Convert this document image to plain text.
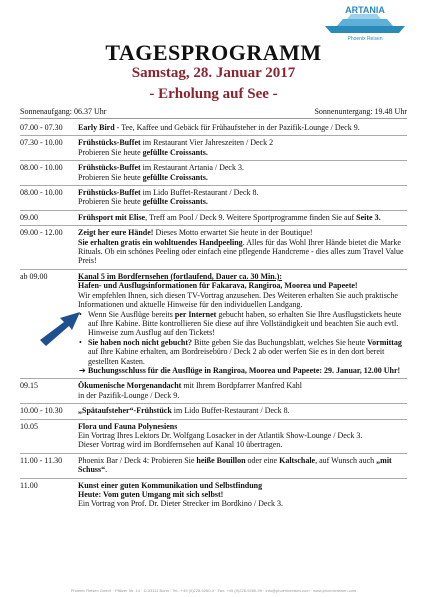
ARTANIA
Phoenix Reisen
TAGESPROGRAMM
Samstag, 28. Januar 2017
- Erholung auf See -
Sonnenaufgang: 06.37 Uhr	Sonnenuntergang: 19.48 Uhr
07.00 - 07.30	Early Bird - Tee, Kaffee und Gebäck für Frühaufsteher in der Pazifik-Lounge / Deck 9.
07.30 - 10.00	Frühstücks-Buffet im Restaurant Vier Jahreszeiten / Deck 2
Probieren Sie heute gefüllte Croissants.
08.00 - 10.00	Frühstücks-Buffet im Restaurant Artania / Deck 3.
Probieren Sie heute gefüllte Croissants.
08.00 - 10.00	Frühstücks-Buffet im Lido Buffet-Restaurant / Deck 8.
Probieren Sie heute gefüllte Croissants.
09.00	Frühsport mit Elise, Treff am Pool / Deck 9. Weitere Sportprogramme finden Sie auf Seite 3.
09.00 - 12.00	Zeigt her eure Hände! Dieses Motto erwartet Sie heute in der Boutique!
Sie erhalten gratis ein wohltuendes Handpeeling. Alles für das Wohl Ihrer Hände bietet die Marke Rituals. Ob ein schönes Peeling oder einfach eine pflegende Handcreme - dies alles zum Travel Value Preis!
ab 09.00	Kanal 5 im Bordfernsehen (fortlaufend, Dauer ca. 30 Min.):
Hafen- und Ausflugsinformationen für Fakarava, Rangiroa, Moorea und Papeete!
Wir empfehlen Ihnen, sich diesen TV-Vortrag anzusehen. Des Weiteren erhalten Sie auch praktische Informationen und aktuelle Hinweise für den individuellen Landgang.
• Wenn Sie Ausflüge bereits per Internet gebucht haben, so erhalten Sie Ihre Ausflugstickets heute auf Ihre Kabine. Bitte kontrollieren Sie diese auf ihre Vollständigkeit und beachten Sie auch evtl. Hinweise zum Ausflug auf den Tickets!
• Sie haben noch nicht gebucht? Bitte geben Sie das Buchungsblatt, welches Sie heute Vormittag auf Ihre Kabine erhalten, am Bordreisebüro / Deck 2 ab oder werfen Sie es in den dort bereit gestellten Kasten.
➔ Buchungsschluss für die Ausflüge in Rangiroa, Moorea und Papeete: 29. Januar, 12.00 Uhr!
09.15	Ökumenische Morgenandacht mit Ihrem Bordpfarrer Manfred Kahl
in der Pazifik-Lounge / Deck 9.
10.00 - 10.30	„Spätaufsteher“-Frühstück im Lido Buffet-Restaurant / Deck 8.
10.05	Flora und Fauna Polynesiens
Ein Vortrag Ihres Lektors Dr. Wolfgang Losacker in der Atlantik Show-Lounge / Deck 3.
Dieser Vortrag wird im Bordfernsehen auf Kanal 10 übertragen.
11.00 - 11.30	Phoenix Bar / Deck 4: Probieren Sie heiße Bouillon oder eine Kaltschale, auf Wunsch auch „mit Schuss“.
11.00	Kunst einer guten Kommunikation und Selbstfindung
Heute: Vom guten Umgang mit sich selbst!
Ein Vortrag von Prof. Dr. Dieter Strecker im Bordkino / Deck 3.
Phoenix Reisen GmbH · Pfälzer Str. 14 · D-53111 Bonn · Tel.: +49 (0)228-9260-0 · Fax: +49 (0)228-9260-99 · info@phoenixreisen.com · www.phoenixreisen.com
